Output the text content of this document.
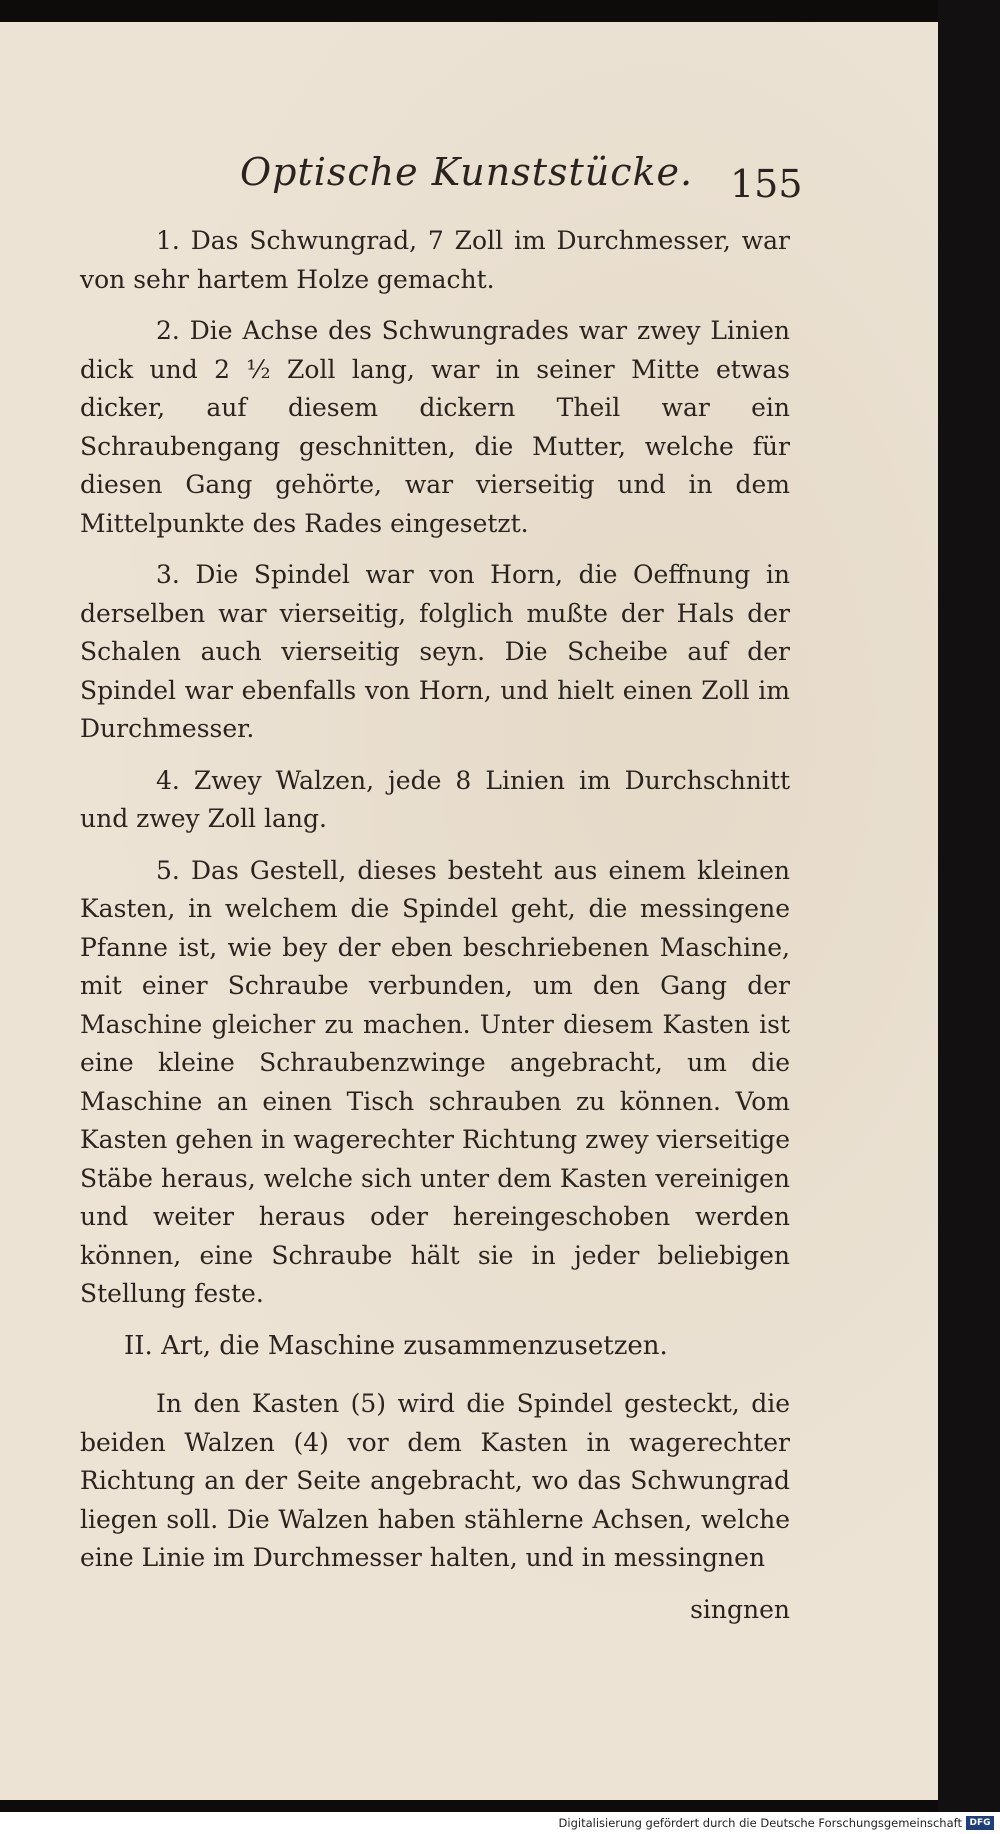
Optische Kunststücke. 155

1. Das Schwungrad, 7 Zoll im Durchmesser, war von sehr hartem Holze gemacht.

2. Die Achse des Schwungrades war zwey Linien dick und 2 ½ Zoll lang, war in seiner Mitte etwas dicker, auf diesem dickern Theil war ein Schraubengang geschnitten, die Mutter, welche für diesen Gang gehörte, war vierseitig und in dem Mittelpunkte des Rades eingesetzt.

3. Die Spindel war von Horn, die Oeffnung in derselben war vierseitig, folglich mußte der Hals der Schalen auch vierseitig seyn. Die Scheibe auf der Spindel war ebenfalls von Horn, und hielt einen Zoll im Durchmesser.

4. Zwey Walzen, jede 8 Linien im Durchschnitt und zwey Zoll lang.

5. Das Gestell, dieses besteht aus einem kleinen Kasten, in welchem die Spindel geht, die messingene Pfanne ist, wie bey der eben beschriebenen Maschine, mit einer Schraube verbunden, um den Gang der Maschine gleicher zu machen. Unter diesem Kasten ist eine kleine Schraubenzwinge angebracht, um die Maschine an einen Tisch schrauben zu können. Vom Kasten gehen in wagerechter Richtung zwey vierseitige Stäbe heraus, welche sich unter dem Kasten vereinigen und weiter heraus oder hereingeschoben werden können, eine Schraube hält sie in jeder beliebigen Stellung feste.

II. Art, die Maschine zusammenzusetzen.

In den Kasten (5) wird die Spindel gesteckt, die beiden Walzen (4) vor dem Kasten in wagerechter Richtung an der Seite angebracht, wo das Schwungrad liegen soll. Die Walzen haben stählerne Achsen, welche eine Linie im Durchmesser halten, und in messingnen

singnen

Digitalisierung gefördert durch die Deutsche Forschungsgemeinschaft DFG
